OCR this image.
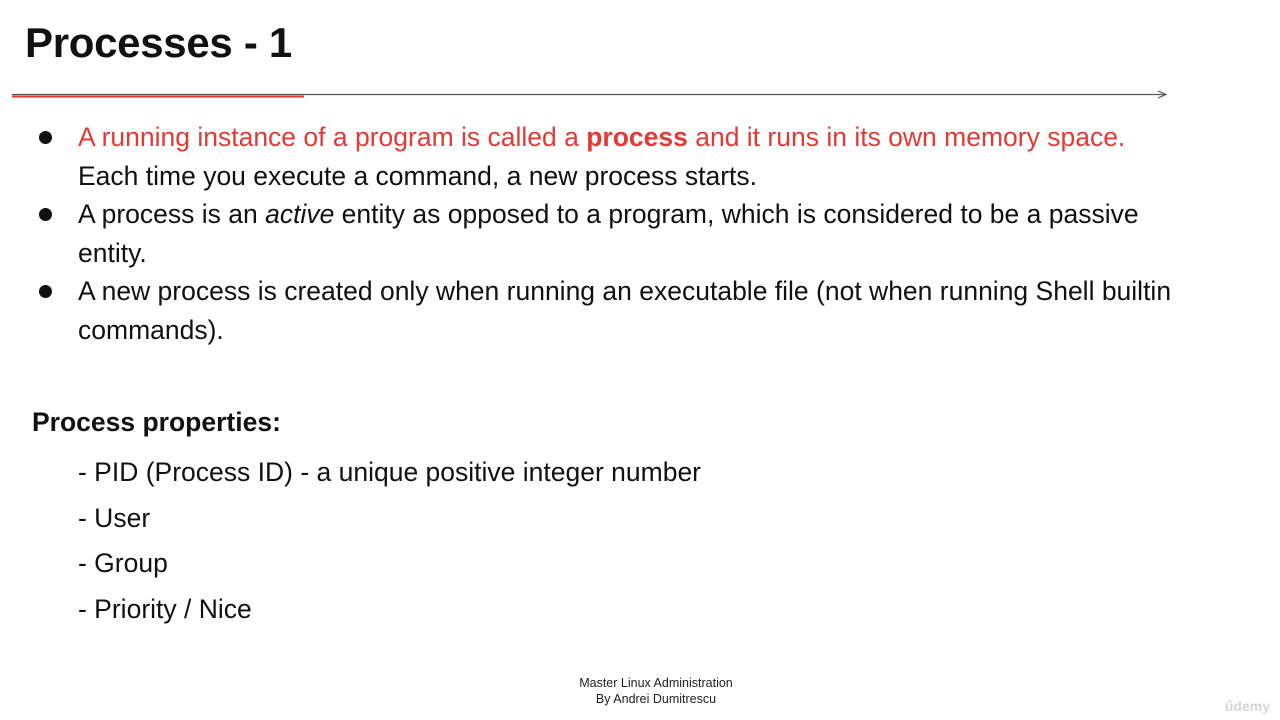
Processes - 1
A running instance of a program is called a process and it runs in its own memory space. Each time you execute a command, a new process starts.
A process is an active entity as opposed to a program, which is considered to be a passive entity.
A new process is created only when running an executable file (not when running Shell builtin commands).
Process properties:
- PID (Process ID) - a unique positive integer number
- User
- Group
- Priority / Nice
Master Linux Administration
By Andrei Dumitrescu	ûdemy
